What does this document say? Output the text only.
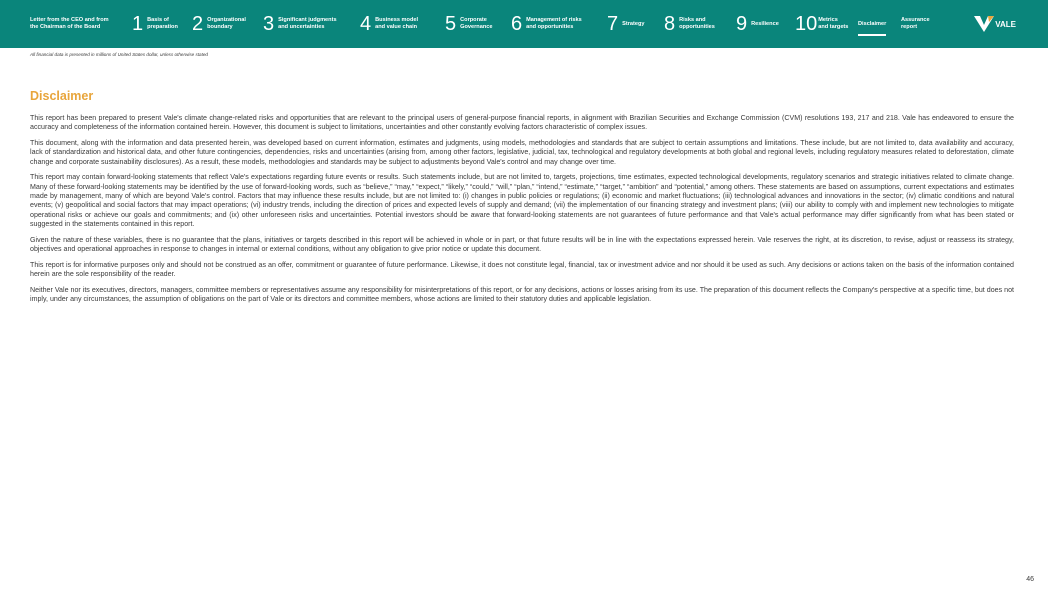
Letter from the CEO and from
the Chairman of the Board	1 Basis of
preparation 2 Organizational
boundary	3 Significant judgments
and uncertainties	4 Business model
and value chain 5 Corporate
Governance 6 Management of risks
and opportunities	7 Strategy 8 Risks and
opportunities 9 Resilience 10 Metrics
and targets
Disclaimer
Assurance
report	VALE
All financial data is presented in millions of United States dollar, unless otherwise stated
Disclaimer

This report has been prepared to present Vale's climate change-related risks and opportunities that are relevant to the principal users of general-purpose financial reports, in alignment with Brazilian Securities and Exchange Commission (CVM) resolutions 193, 217 and 218. Vale has endeavored to ensure the accuracy and completeness of the information contained herein. However, this document is subject to limitations, uncertainties and other constantly evolving factors characteristic of complex issues.

This document, along with the information and data presented herein, was developed based on current information, estimates and judgments, using models, methodologies and standards that are subject to certain assumptions and limitations. These include, but are not limited to, data availability and accuracy, lack of standardization and historical data, and other future contingencies, dependencies, risks and uncertainties (arising from, among other factors, legislative, judicial, tax, technological and regulatory developments at both global and regional levels, including regulatory measures related to deforestation, climate change and corporate sustainability disclosures). As a result, these models, methodologies and standards may be subject to adjustments beyond Vale's control and may change over time.

This report may contain forward-looking statements that reflect Vale's expectations regarding future events or results. Such statements include, but are not limited to, targets, projections, time estimates, expected technological developments, regulatory scenarios and strategic initiatives related to climate change. Many of these forward-looking statements may be identified by the use of forward-looking words, such as “believe,” “may,” “expect,” “likely,” “could,” “will,” “plan,” “intend,” “estimate,” “target,” “ambition” and “potential,” among others. These statements are based on assumptions, current expectations and estimates made by management, many of which are beyond Vale's control. Factors that may influence these results include, but are not limited to: (i) changes in public policies or regulations; (ii) economic and market fluctuations; (iii) technological advances and innovations in the sector; (iv) climatic conditions and natural events; (v) geopolitical and social factors that may impact operations; (vi) industry trends, including the direction of prices and expected levels of supply and demand; (vii) the implementation of our financing strategy and investment plans; (viii) our ability to comply with and implement new technologies to mitigate operational risks or achieve our goals and commitments; and (ix) other unforeseen risks and uncertainties. Potential investors should be aware that forward-looking statements are not guarantees of future performance and that Vale's actual performance may differ significantly from what has been stated or suggested in the statements contained in this report.

Given the nature of these variables, there is no guarantee that the plans, initiatives or targets described in this report will be achieved in whole or in part, or that future results will be in line with the expectations expressed herein. Vale reserves the right, at its discretion, to revise, adjust or reassess its strategy, objectives and operational approaches in response to changes in internal or external conditions, without any obligation to give prior notice or update this document.

This report is for informative purposes only and should not be construed as an offer, commitment or guarantee of future performance. Likewise, it does not constitute legal, financial, tax or investment advice and nor should it be used as such. Any decisions or actions taken on the basis of the information contained herein are the sole responsibility of the reader.

Neither Vale nor its executives, directors, managers, committee members or representatives assume any responsibility for misinterpretations of this report, or for any decisions, actions or losses arising from its use. The preparation of this document reflects the Company's perspective at a specific time, but does not imply, under any circumstances, the assumption of obligations on the part of Vale or its directors and committee members, whose actions are limited to their statutory duties and applicable legislation.

46
